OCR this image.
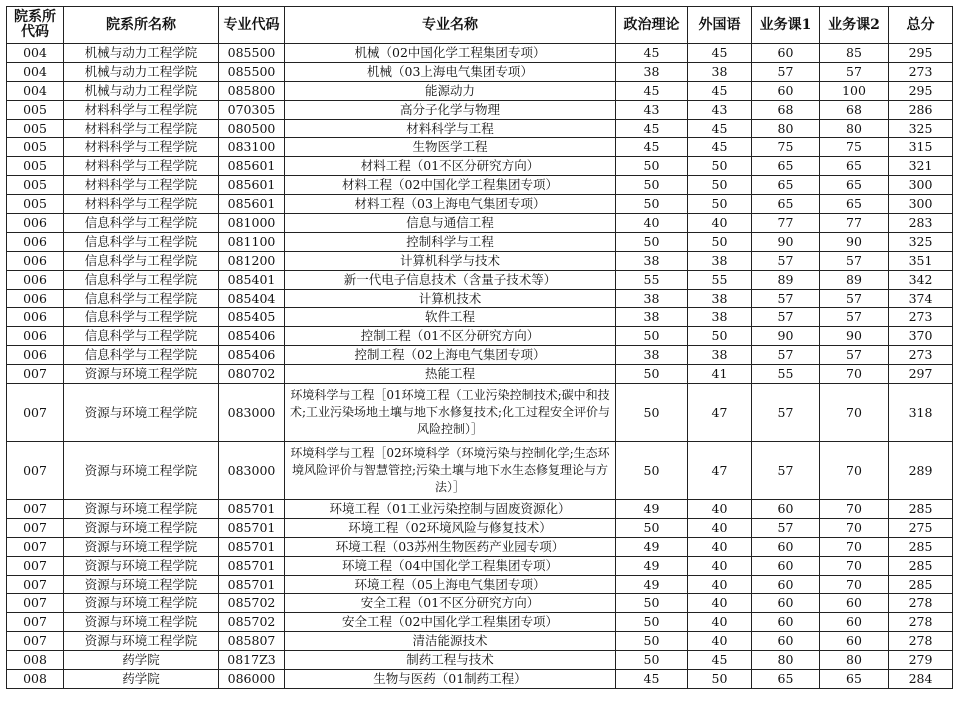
院系所代码	院系所名称	专业代码	专业名称	政治理论	外国语	业务课1	业务课2	总分
004	机械与动力工程学院	085500	机械（02中国化学工程集团专项）	45	45	60	85	295
004	机械与动力工程学院	085500	机械（03上海电气集团专项）	38	38	57	57	273
004	机械与动力工程学院	085800	能源动力	45	45	60	100	295
005	材料科学与工程学院	070305	高分子化学与物理	43	43	68	68	286
005	材料科学与工程学院	080500	材料科学与工程	45	45	80	80	325
005	材料科学与工程学院	083100	生物医学工程	45	45	75	75	315
005	材料科学与工程学院	085601	材料工程（01不区分研究方向）	50	50	65	65	321
005	材料科学与工程学院	085601	材料工程（02中国化学工程集团专项）	50	50	65	65	300
005	材料科学与工程学院	085601	材料工程（03上海电气集团专项）	50	50	65	65	300
006	信息科学与工程学院	081000	信息与通信工程	40	40	77	77	283
006	信息科学与工程学院	081100	控制科学与工程	50	50	90	90	325
006	信息科学与工程学院	081200	计算机科学与技术	38	38	57	57	351
006	信息科学与工程学院	085401	新一代电子信息技术（含量子技术等）	55	55	89	89	342
006	信息科学与工程学院	085404	计算机技术	38	38	57	57	374
006	信息科学与工程学院	085405	软件工程	38	38	57	57	273
006	信息科学与工程学院	085406	控制工程（01不区分研究方向）	50	50	90	90	370
006	信息科学与工程学院	085406	控制工程（02上海电气集团专项）	38	38	57	57	273
007	资源与环境工程学院	080702	热能工程	50	41	55	70	297
007	资源与环境工程学院	083000	环境科学与工程［01环境工程（工业污染控制技术;碳中和技术;工业污染场地土壤与地下水修复技术;化工过程安全评价与风险控制）］	50	47	57	70	318
007	资源与环境工程学院	083000	环境科学与工程［02环境科学（环境污染与控制化学;生态环境风险评价与智慧管控;污染土壤与地下水生态修复理论与方法）］	50	47	57	70	289
007	资源与环境工程学院	085701	环境工程（01工业污染控制与固废资源化）	49	40	60	70	285
007	资源与环境工程学院	085701	环境工程（02环境风险与修复技术）	50	40	57	70	275
007	资源与环境工程学院	085701	环境工程（03苏州生物医药产业园专项）	49	40	60	70	285
007	资源与环境工程学院	085701	环境工程（04中国化学工程集团专项）	49	40	60	70	285
007	资源与环境工程学院	085701	环境工程（05上海电气集团专项）	49	40	60	70	285
007	资源与环境工程学院	085702	安全工程（01不区分研究方向）	50	40	60	60	278
007	资源与环境工程学院	085702	安全工程（02中国化学工程集团专项）	50	40	60	60	278
007	资源与环境工程学院	085807	清洁能源技术	50	40	60	60	278
008	药学院	0817Z3	制药工程与技术	50	45	80	80	279
008	药学院	086000	生物与医药（01制药工程）	45	50	65	65	284
